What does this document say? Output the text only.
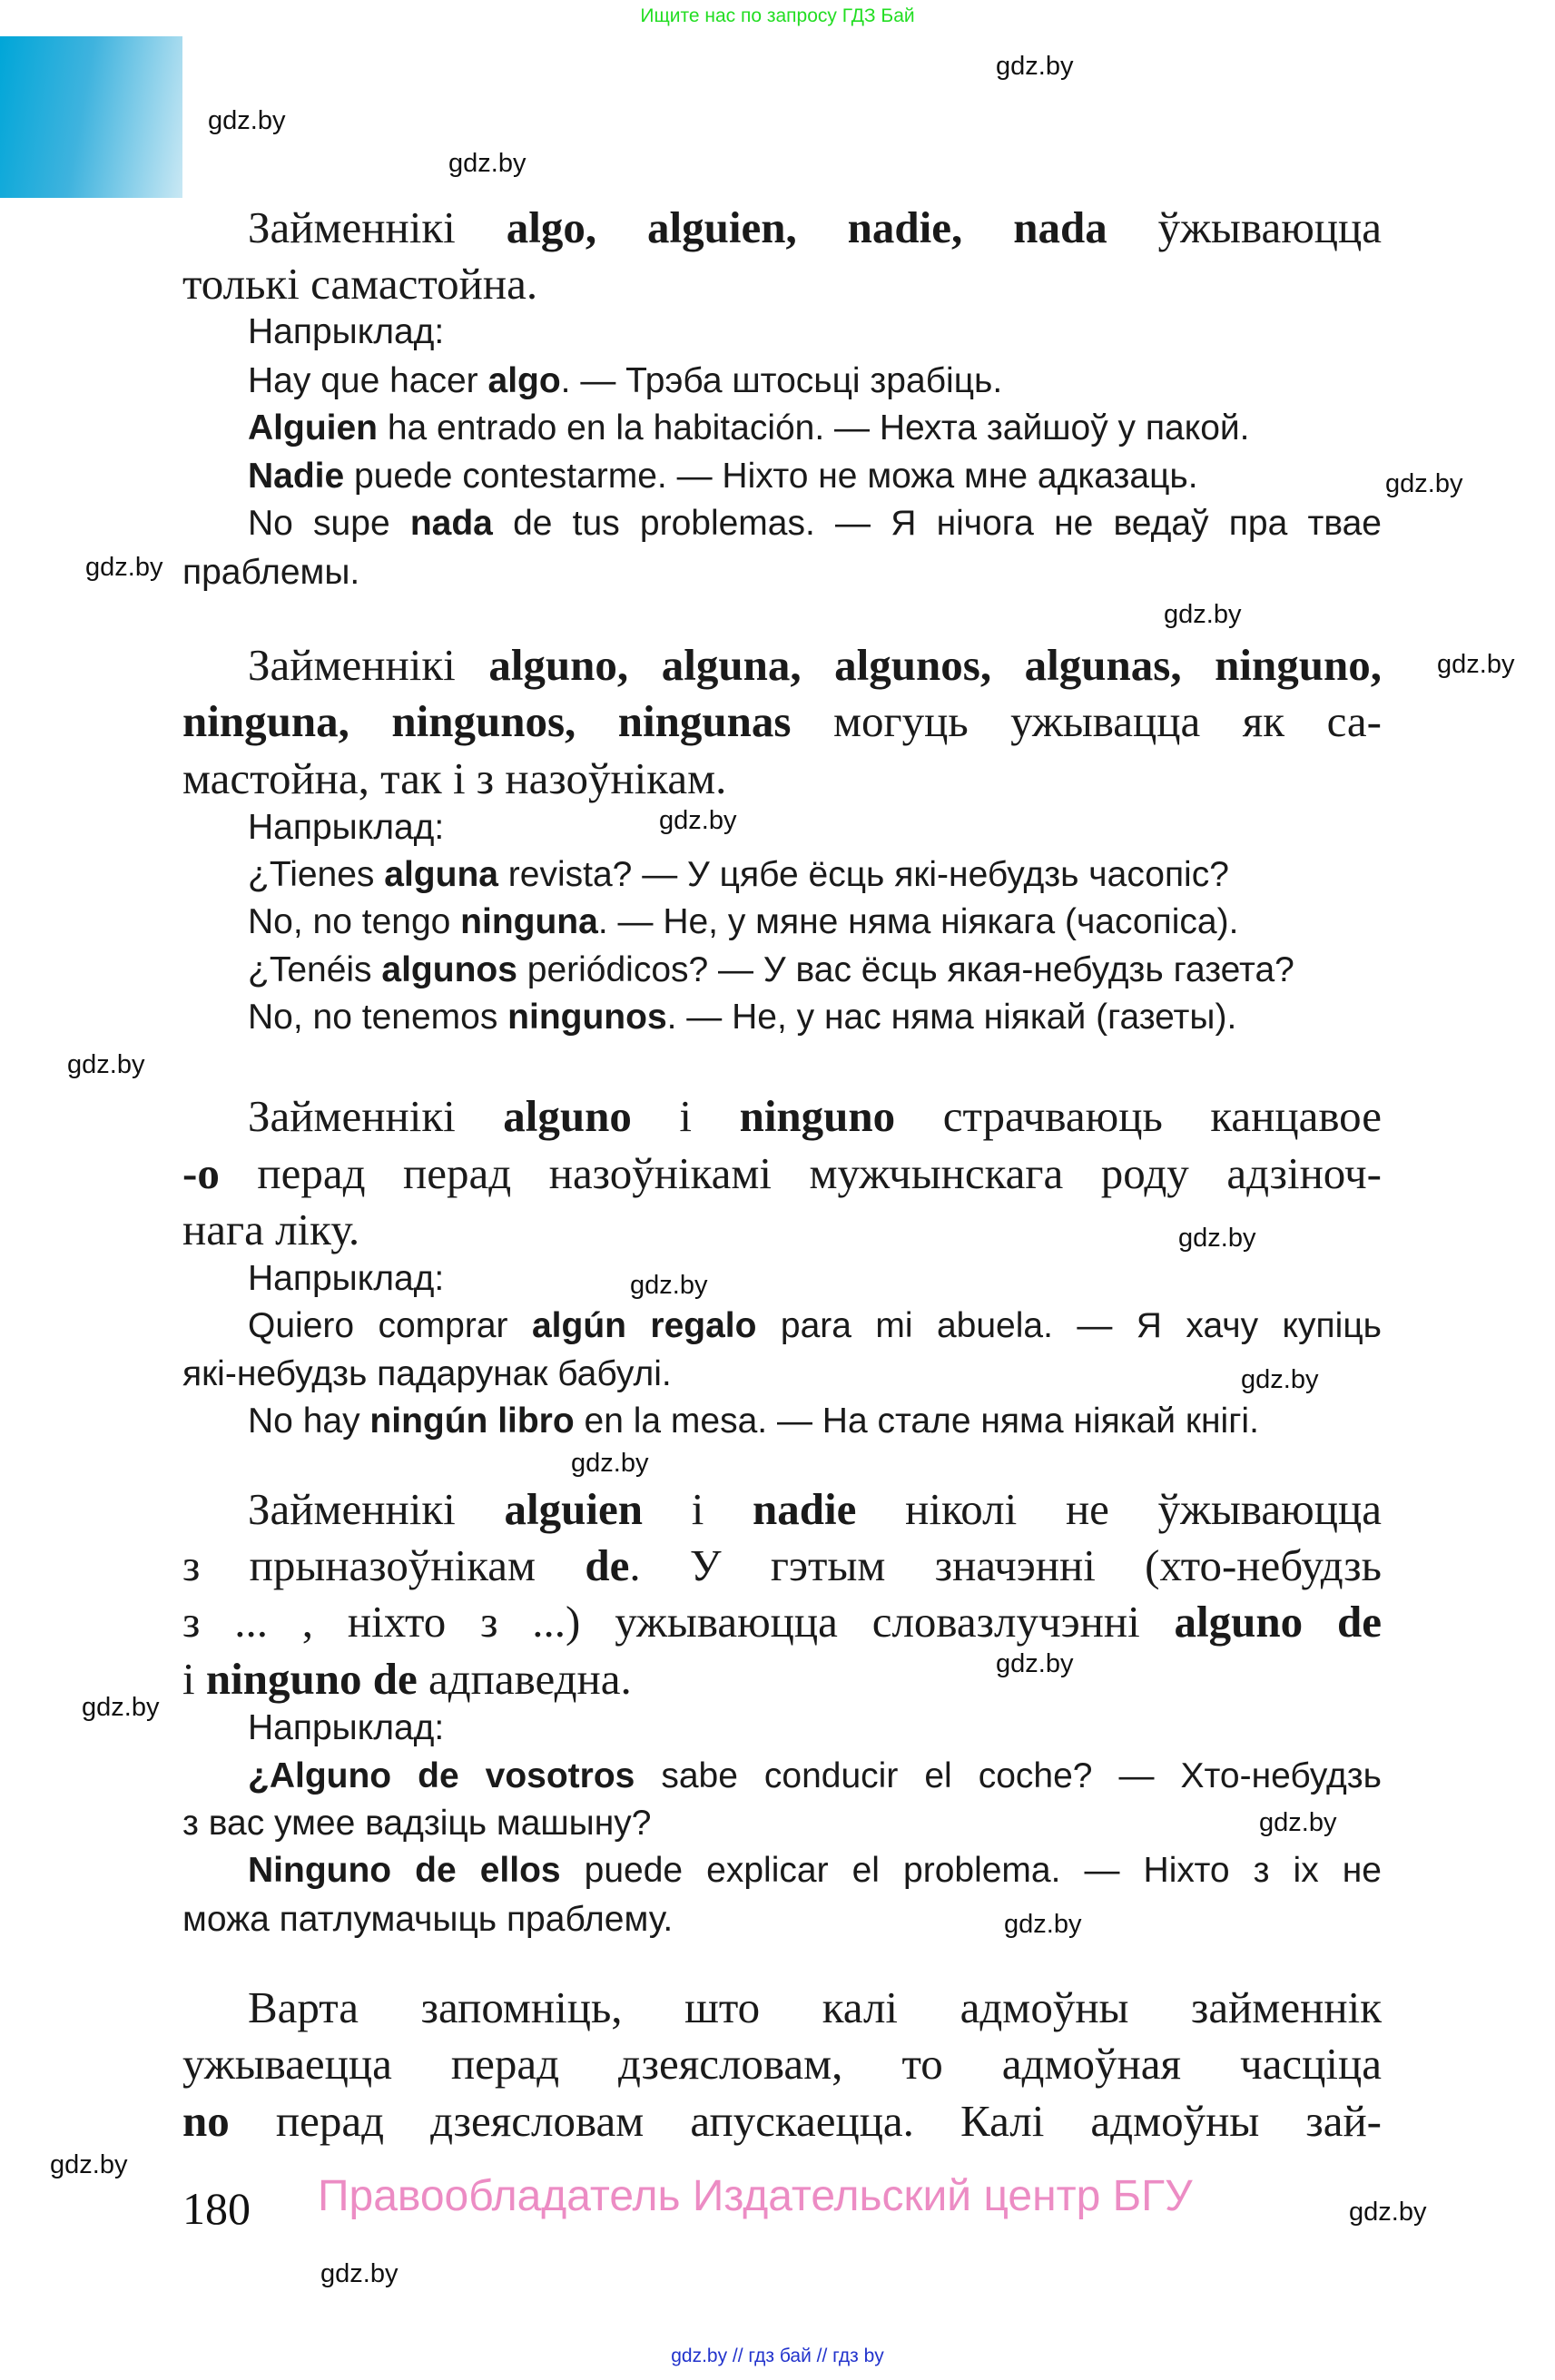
Ищите нас по запросу ГДЗ Бай
Займеннікі algo, alguien, nadie, nada ўжываюцца
толькі самастойна.
Напрыклад:
Hay que hacer algo. — Трэба штосьці зрабіць.
Alguien ha entrado en la habitación. — Нехта зайшоў у пакой.
Nadie puede contestarme. — Ніхто не можа мне адказаць.
No supe nada de tus problemas. — Я нічога не ведаў пра твае
праблемы.
Займеннікі alguno, alguna, algunos, algunas, ninguno,
ninguna, ningunos, ningunas могуць ужывацца як са-
мастойна, так і з назоўнікам.
Напрыклад:
¿Tienes alguna revista? — У цябе ёсць які-небудзь часопіс?
No, no tengo ninguna. — Не, у мяне няма ніякага (часопіса).
¿Tenéis algunos periódicos? — У вас ёсць якая-небудзь газета?
No, no tenemos ningunos. — Не, у нас няма ніякай (газеты).
Займеннікі alguno і ninguno страчваюць канцавое
-o перад перад назоўнікамі мужчынскага роду адзіноч-
нага ліку.
Напрыклад:
Quiero comprar algún regalo para mi abuela. — Я хачу купіць
які-небудзь падарунак бабулі.
No hay ningún libro en la mesa. — На стале няма ніякай кнігі.
Займеннікі alguien і nadie ніколі не ўжываюцца
з прыназоўнікам de. У гэтым значэнні (хто-небудзь
з ... , ніхто з ...) ужываюцца словазлучэнні alguno de
і ninguno de адпаведна.
Напрыклад:
¿Alguno de vosotros sabe conducir el coche? — Хто-небудзь
з вас умее вадзіць машыну?
Ninguno de ellos puede explicar el problema. — Ніхто з іх не
можа патлумачыць праблему.
Варта запомніць, што калі адмоўны займеннік
ужываецца перад дзеясловам, то адмоўная часціца
no перад дзеясловам апускаецца. Калі адмоўны зай-
gdz.by
gdz.by
gdz.by
gdz.by
gdz.by
gdz.by
gdz.by
gdz.by
gdz.by
gdz.by
gdz.by
gdz.by
gdz.by
gdz.by
gdz.by
gdz.by
gdz.by
gdz.by
gdz.by
gdz.by
180 Правообладатель Издательский центр БГУ
gdz.by // гдз бай // гдз by
